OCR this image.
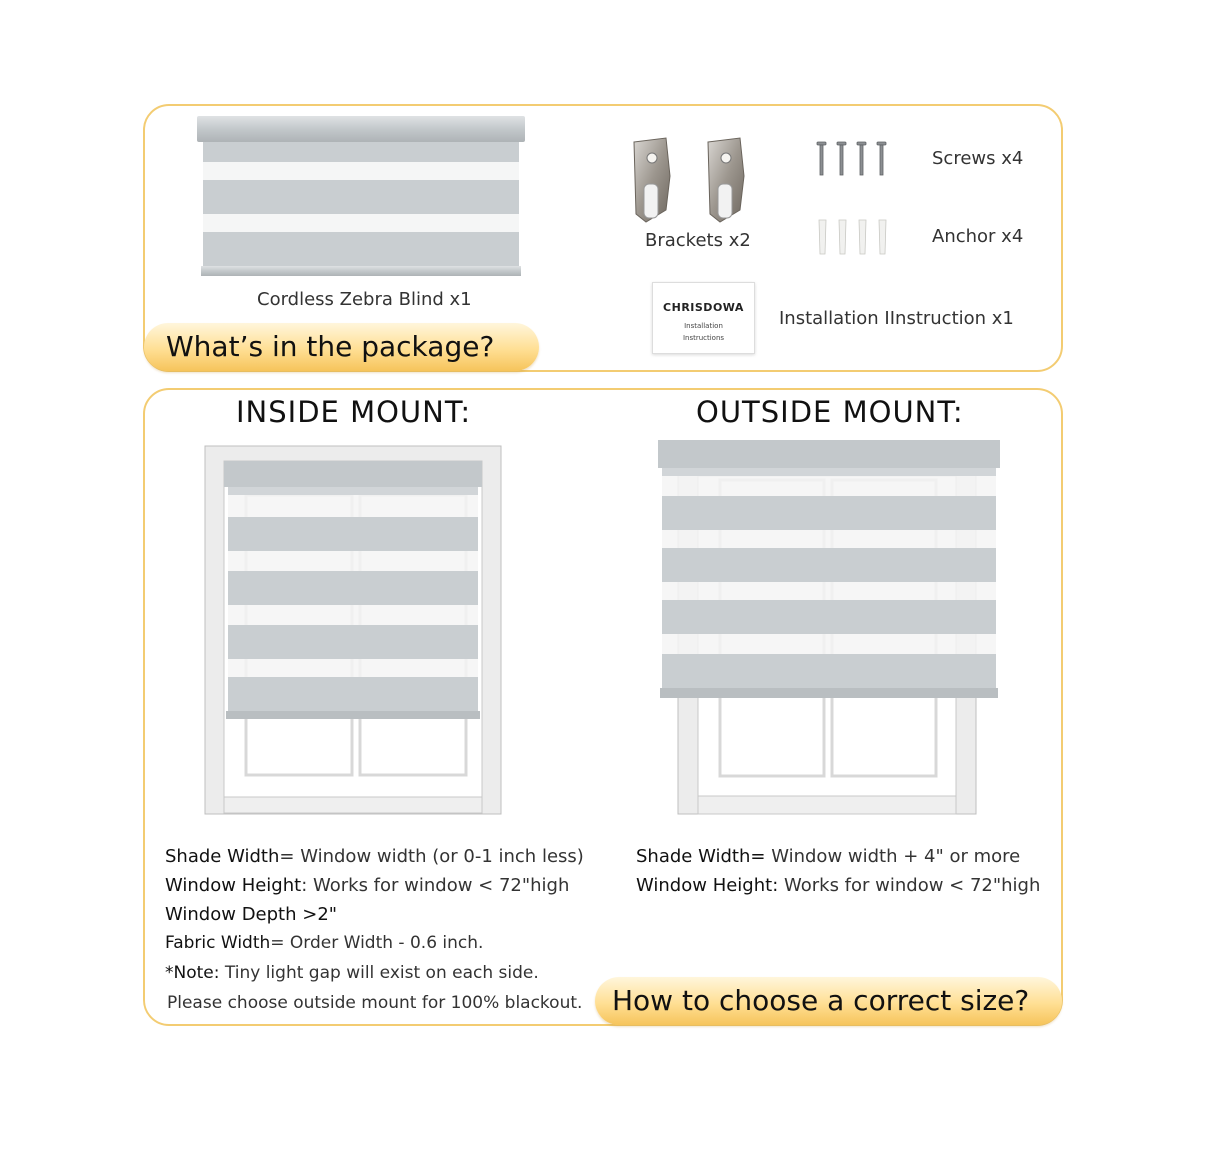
Cordless Zebra Blind x1
Brackets x2
Screws x4
Anchor x4
CHRISDOWA
Installation
Instructions
Installation IInstruction x1
What’s in the package?
INSIDE MOUNT:	OUTSIDE MOUNT:
Shade Width= Window width (or 0-1 inch less)
Window Height: Works for window < 72"high
Window Depth >2"
Fabric Width= Order Width - 0.6 inch.
*Note: Tiny light gap will exist on each side.
Please choose outside mount for 100% blackout.
Shade Width= Window width + 4" or more
Window Height: Works for window < 72"high
How to choose a correct size?
